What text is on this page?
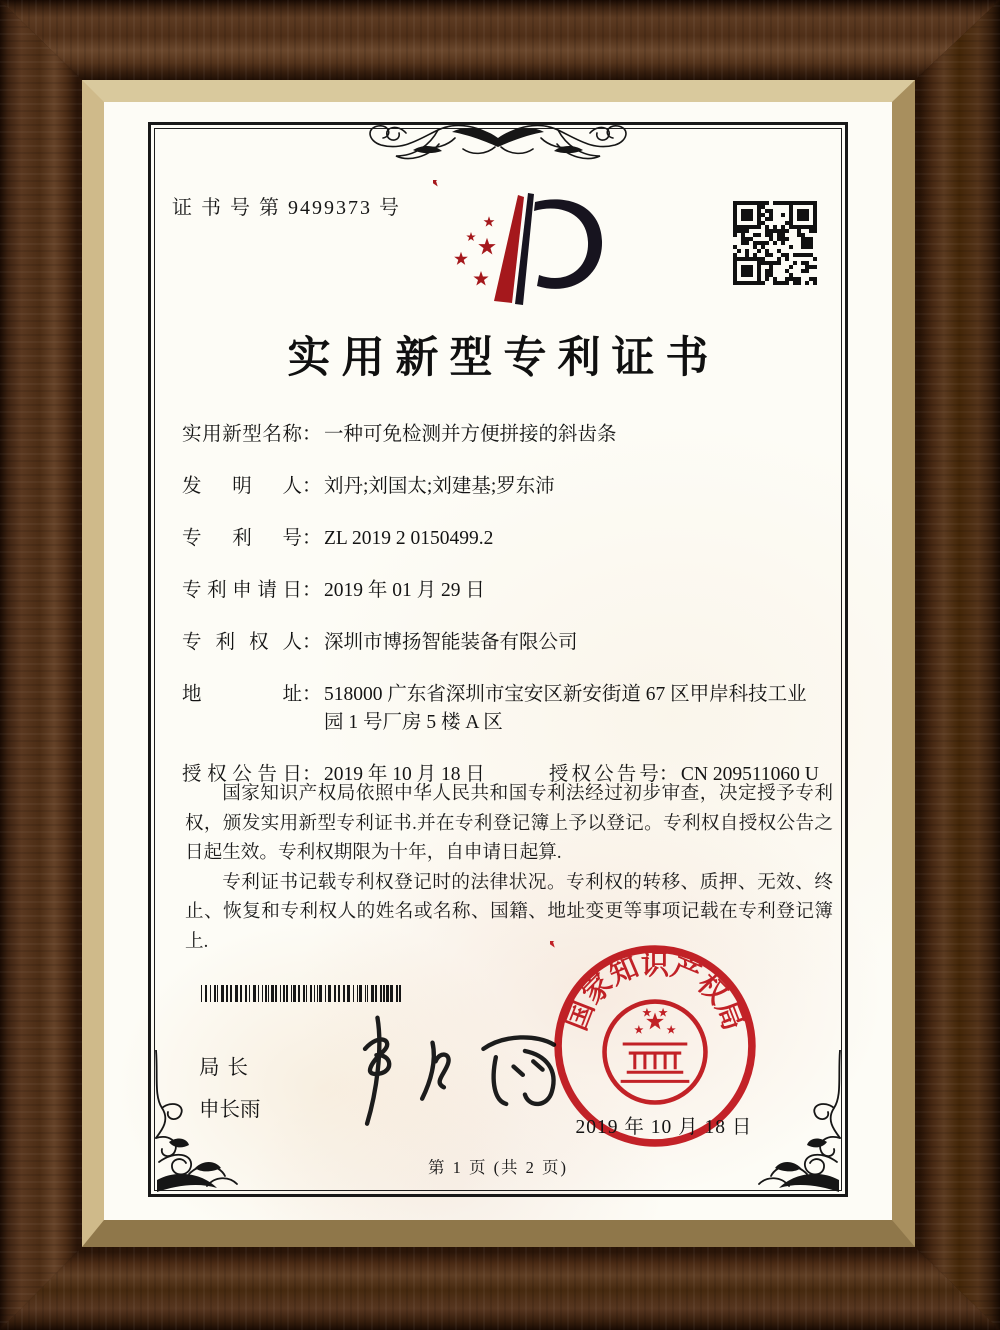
证 书 号 第 9499373 号
实用新型专利证书
实用新型名称 ： 一种可免检测并方便拼接的斜齿条
发明人 ： 刘丹;刘国太;刘建基;罗东沛
专利号 ： ZL 2019 2 0150499.2
专利申请日 ： 2019 年 01 月 29 日
专利权人 ： 深圳市博扬智能装备有限公司
地址 ： 518000 广东省深圳市宝安区新安街道 67 区甲岸科技工业园 1 号厂房 5 楼 A 区
授权公告日 ： 2019 年 10 月 18 日	授权公告号 ： CN 209511060 U

国家知识产权局依照中华人民共和国专利法经过初步审查，决定授予专利权，颁发实用新型专利证书.并在专利登记簿上予以登记。专利权自授权公告之日起生效。专利权期限为十年，自申请日起算.

专利证书记载专利权登记时的法律状况。专利权的转移、质押、无效、终止、恢复和专利权人的姓名或名称、国籍、地址变更等事项记载在专利登记簿上.

局长
申长雨
国家知识产权局
2019 年 10 月 18 日
第 1 页 (共 2 页)
